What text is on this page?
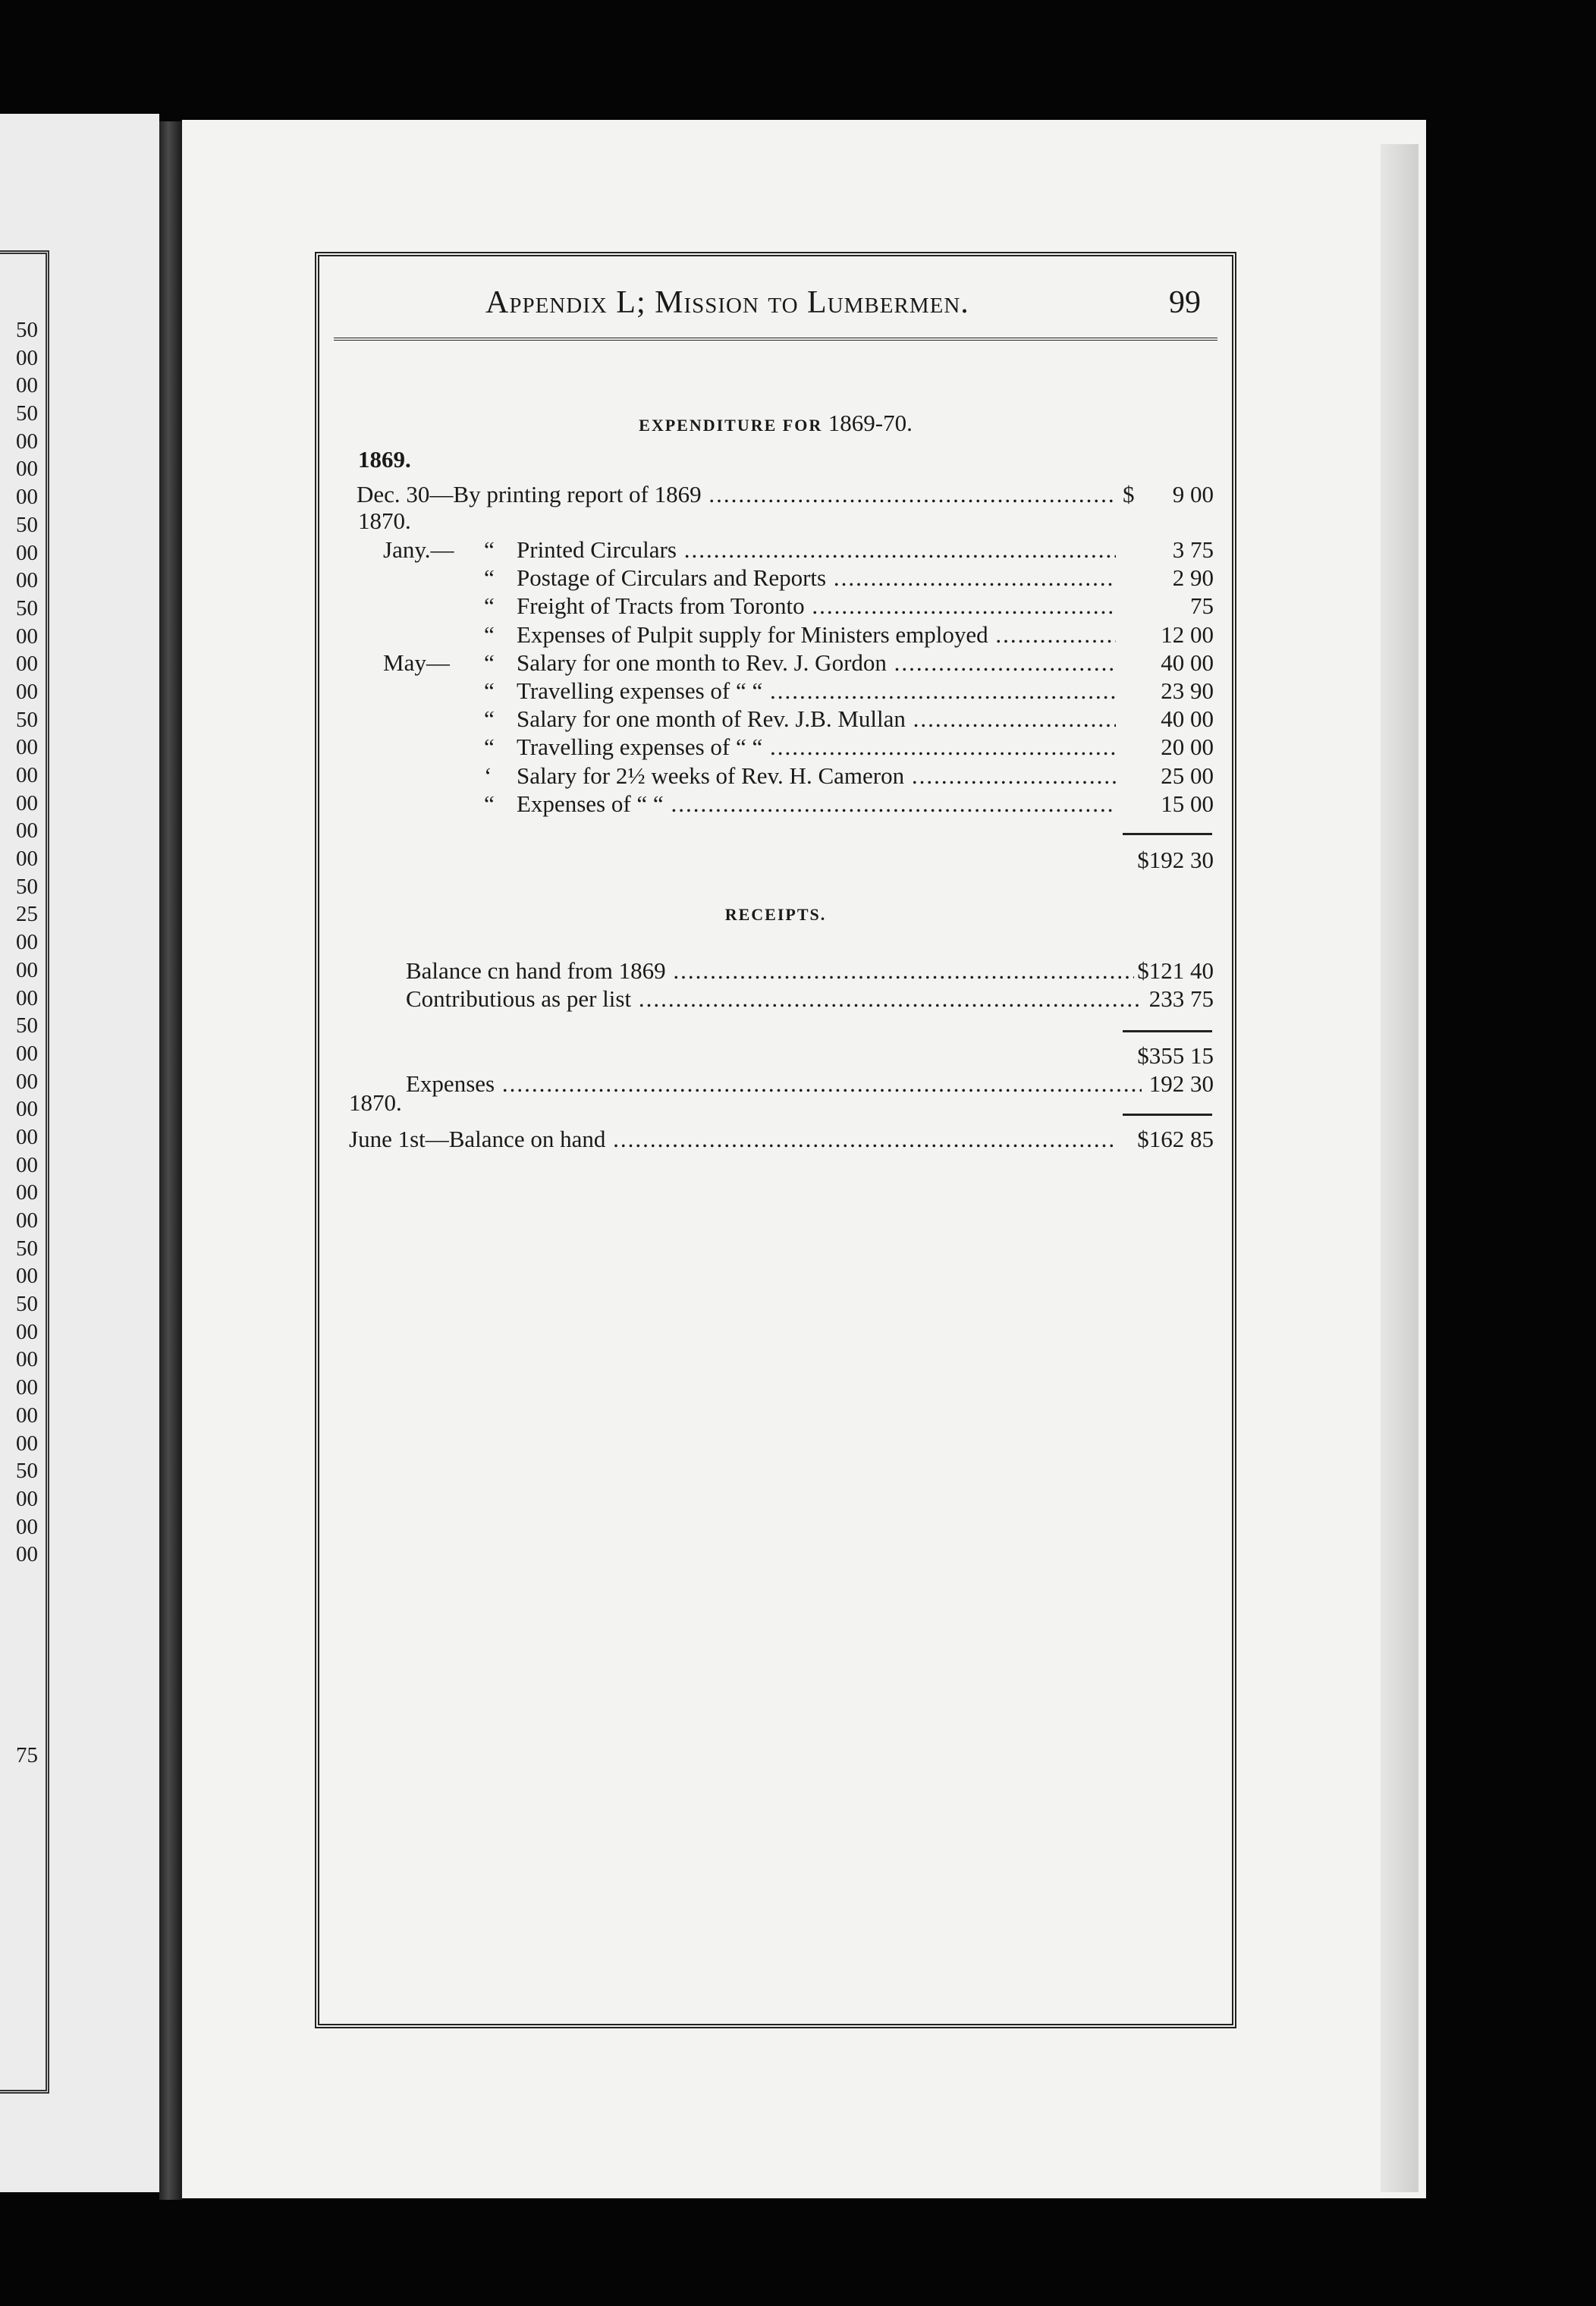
50
00
00
50
00
00
00
50
00
00
50
00
00
00
50
00
00
00
00
00
50
25
00
00
00
50
00
00
00
00
00
00
00
50
00
50
00
00
00
00
00
50
00
00
00
75
Appendix L; Mission to Lumbermen.	99
EXPENDITURE FOR 1869-70.
1869.
Dec. 30—By printing report of 1869 .....	$ 9 00
1870.
Jany.— “ Printed Circulars .....	3 75
“ Postage of Circulars and Reports .....	2 90
“ Freight of Tracts from Toronto .....	75
“ Expenses of Pulpit supply for Ministers employed .....	12 00
May— “ Salary for one month to Rev. J. Gordon .....	40 00
“ Travelling expenses of “ “ .....	23 90
“ Salary for one month of Rev. J.B. Mullan .....	40 00
“ Travelling expenses of “ “ .....	20 00
‘ Salary for 2½ weeks of Rev. H. Cameron .....	25 00
“ Expenses of “ “ .....	15 00
$192 30
RECEIPTS.
Balance cn hand from 1869 .....	$121 40
Contributious as per list .....	233 75
$355 15
Expenses .....	192 30
1870.
June 1st—Balance on hand .....	$162 85
